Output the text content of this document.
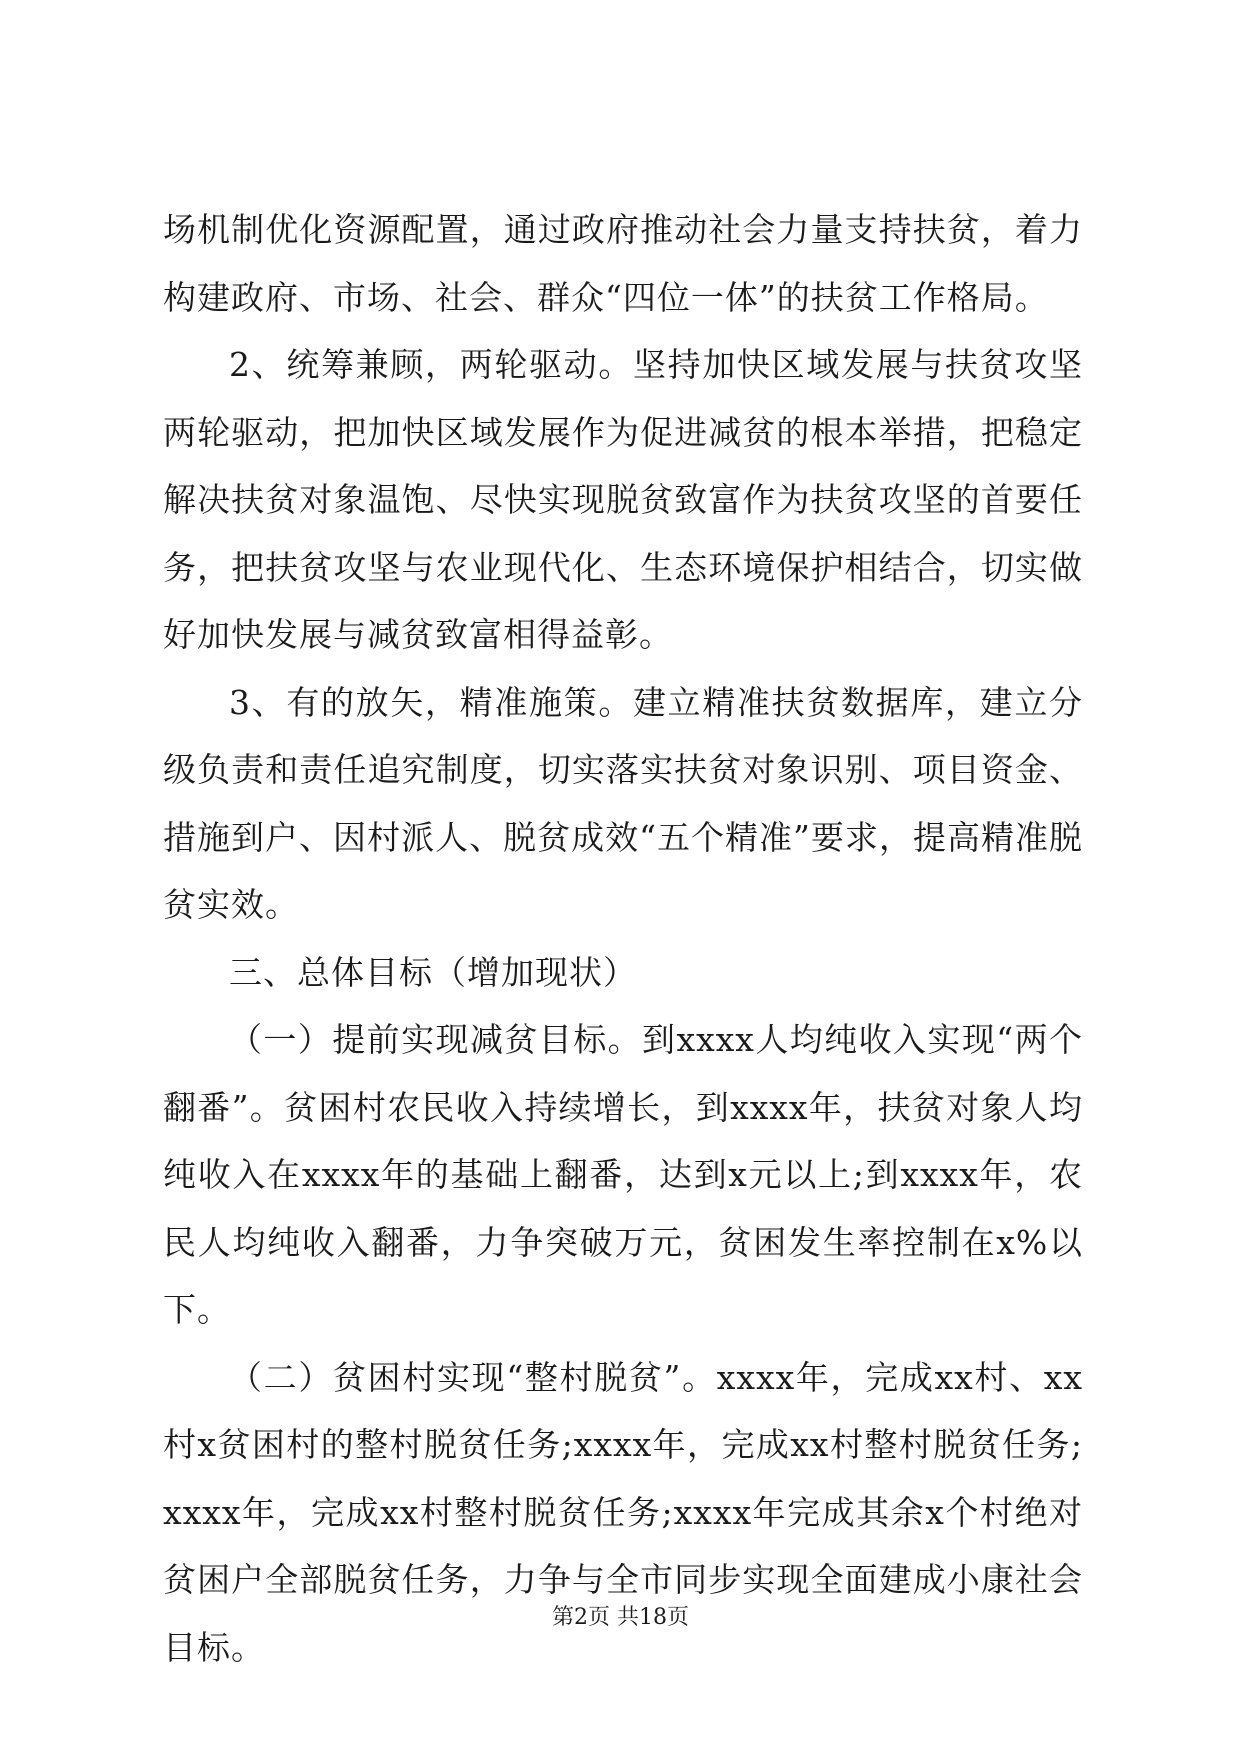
场机制优化资源配置，通过政府推动社会力量支持扶贫，着力构建政府、市场、社会、群众“四位一体”的扶贫工作格局。

2、统筹兼顾，两轮驱动。坚持加快区域发展与扶贫攻坚两轮驱动，把加快区域发展作为促进减贫的根本举措，把稳定解决扶贫对象温饱、尽快实现脱贫致富作为扶贫攻坚的首要任务，把扶贫攻坚与农业现代化、生态环境保护相结合，切实做好加快发展与减贫致富相得益彰。

3、有的放矢，精准施策。建立精准扶贫数据库，建立分级负责和责任追究制度，切实落实扶贫对象识别、项目资金、措施到户、因村派人、脱贫成效“五个精准”要求，提高精准脱贫实效。

三、总体目标（增加现状）

（一）提前实现减贫目标。到xxxx人均纯收入实现“两个翻番”。贫困村农民收入持续增长，到xxxx年，扶贫对象人均纯收入在xxxx年的基础上翻番，达到x元以上;到xxxx年，农民人均纯收入翻番，力争突破万元，贫困发生率控制在x%以下。

（二）贫困村实现“整村脱贫”。xxxx年，完成xx村、xx村x贫困村的整村脱贫任务;xxxx年，完成xx村整村脱贫任务;xxxx年，完成xx村整村脱贫任务;xxxx年完成其余x个村绝对贫困户全部脱贫任务，力争与全市同步实现全面建成小康社会目标。

第2页 共18页
